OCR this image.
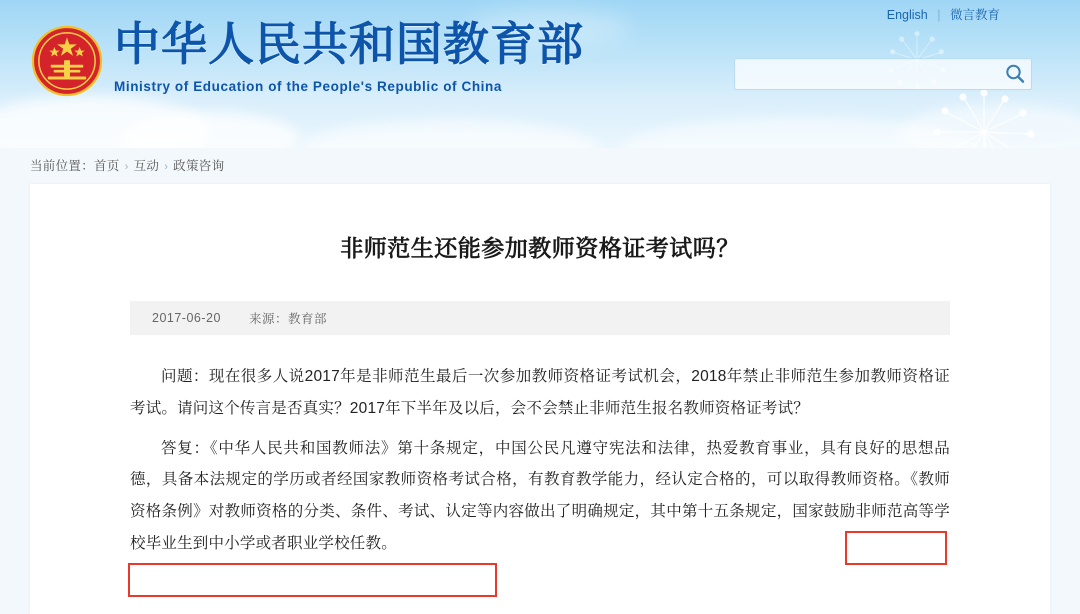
中华人民共和国教育部
Ministry of Education of the People's Republic of China
English | 微言教育
当前位置：首页 › 互动 › 政策咨询
非师范生还能参加教师资格证考试吗？
2017-06-20 来源：教育部

问题：现在很多人说2017年是非师范生最后一次参加教师资格证考试机会，2018年禁止非师范生参加教师资格证考试。请问这个传言是否真实？2017年下半年及以后，会不会禁止非师范生报名教师资格证考试？

答复：《中华人民共和国教师法》第十条规定，中国公民凡遵守宪法和法律，热爱教育事业，具有良好的思想品德，具备本法规定的学历或者经国家教师资格考试合格，有教育教学能力，经认定合格的，可以取得教师资格。《教师资格条例》对教师资格的分类、条件、考试、认定等内容做出了明确规定，其中第十五条规定，国家鼓励非师范高等学校毕业生到中小学或者职业学校任教。
